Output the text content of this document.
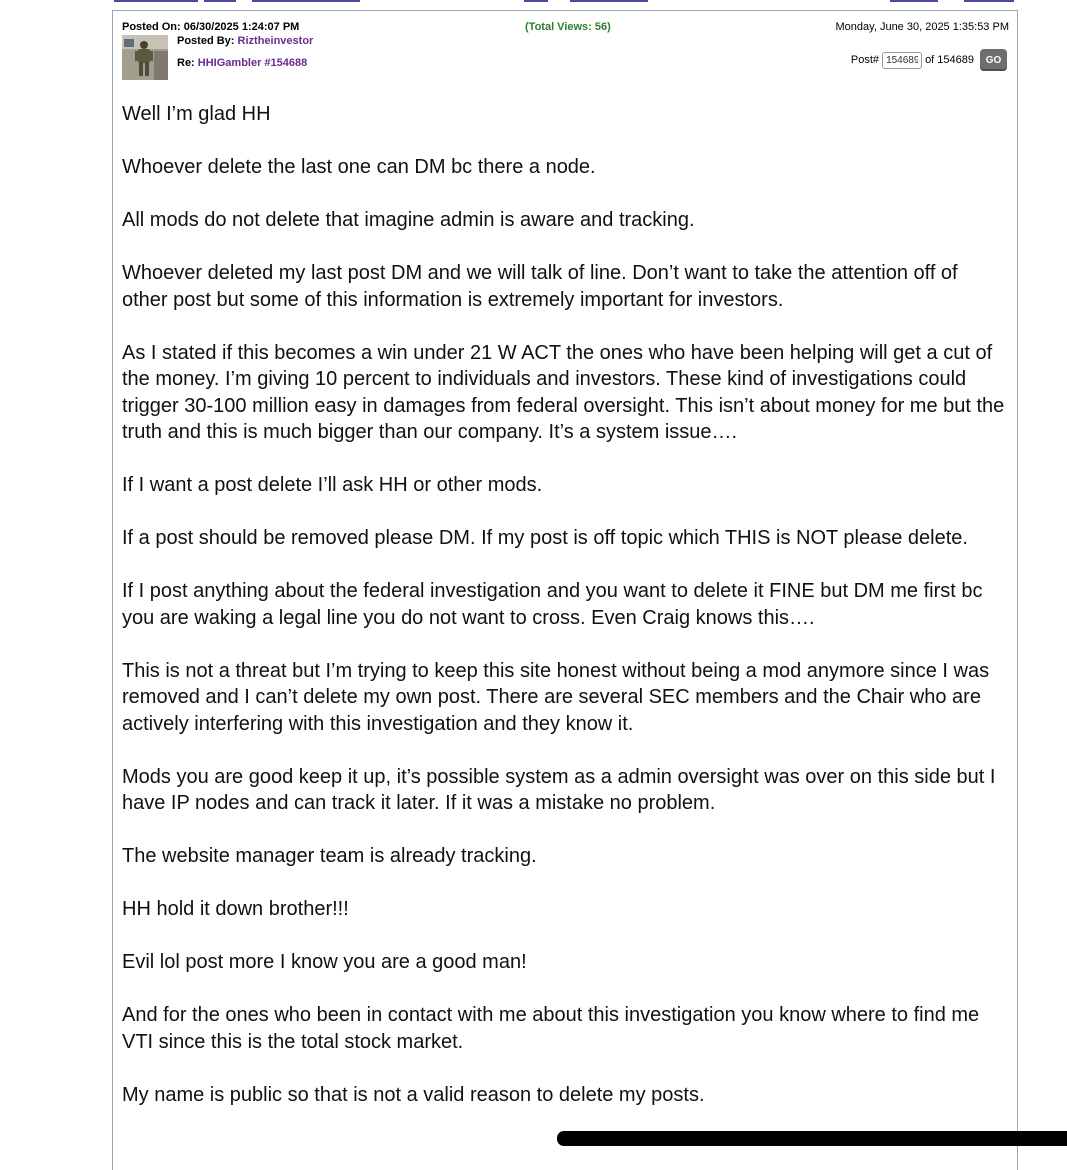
Posted On: 06/30/2025 1:24:07 PM
Posted By: Riztheinvestor
Re: HHIGambler #154688
(Total Views: 56)	Monday, June 30, 2025 1:35:53 PM
Post#
154689	of 154689	GO

Well I’m glad HH

Whoever delete the last one can DM bc there a node.

All mods do not delete that imagine admin is aware and tracking.

Whoever deleted my last post DM and we will talk of line. Don’t want to take the attention off of other post but some of this information is extremely important for investors.

As I stated if this becomes a win under 21 W ACT the ones who have been helping will get a cut of the money. I’m giving 10 percent to individuals and investors. These kind of investigations could trigger 30-100 million easy in damages from federal oversight. This isn’t about money for me but the truth and this is much bigger than our company. It’s a system issue….

If I want a post delete I’ll ask HH or other mods.

If a post should be removed please DM. If my post is off topic which THIS is NOT please delete.

If I post anything about the federal investigation and you want to delete it FINE but DM me first bc you are waking a legal line you do not want to cross. Even Craig knows this….

This is not a threat but I’m trying to keep this site honest without being a mod anymore since I was removed and I can’t delete my own post. There are several SEC members and the Chair who are actively interfering with this investigation and they know it.

Mods you are good keep it up, it’s possible system as a admin oversight was over on this side but I have IP nodes and can track it later. If it was a mistake no problem.

The website manager team is already tracking.

HH hold it down brother!!!

Evil lol post more I know you are a good man!

And for the ones who been in contact with me about this investigation you know where to find me VTI since this is the total stock market.

My name is public so that is not a valid reason to delete my posts.
